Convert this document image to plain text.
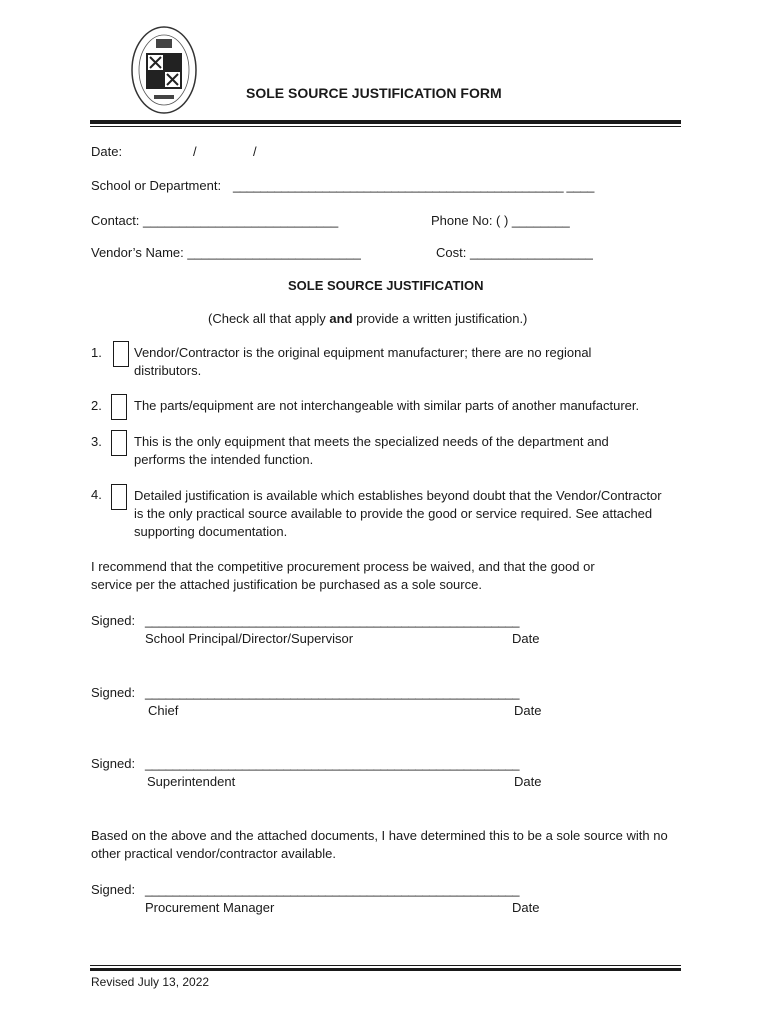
SOLE SOURCE JUSTIFICATION FORM
Date:	/	/
School or Department: ________________________________________________ ____
Contact: ___________________________	Phone No: ( ) ________
Vendor’s Name: ________________________	Cost: _________________
SOLE SOURCE JUSTIFICATION
(Check all that apply and provide a written justification.)
1. Vendor/Contractor is the original equipment manufacturer; there are no regional distributors.
2. The parts/equipment are not interchangeable with similar parts of another manufacturer.
3. This is the only equipment that meets the specialized needs of the department and performs the intended function.
4. Detailed justification is available which establishes beyond doubt that the Vendor/Contractor is the only practical source available to provide the good or service required. See attached supporting documentation.
I recommend that the competitive procurement process be waived, and that the good or service per the attached justification be purchased as a sole source.
Signed: ______________________________________________________
School Principal/Director/Supervisor	Date
Signed: ______________________________________________________
Chief	Date
Signed: ______________________________________________________
Superintendent	Date
Based on the above and the attached documents, I have determined this to be a sole source with no other practical vendor/contractor available.
Signed: ______________________________________________________
Procurement Manager	Date
Revised July 13, 2022
